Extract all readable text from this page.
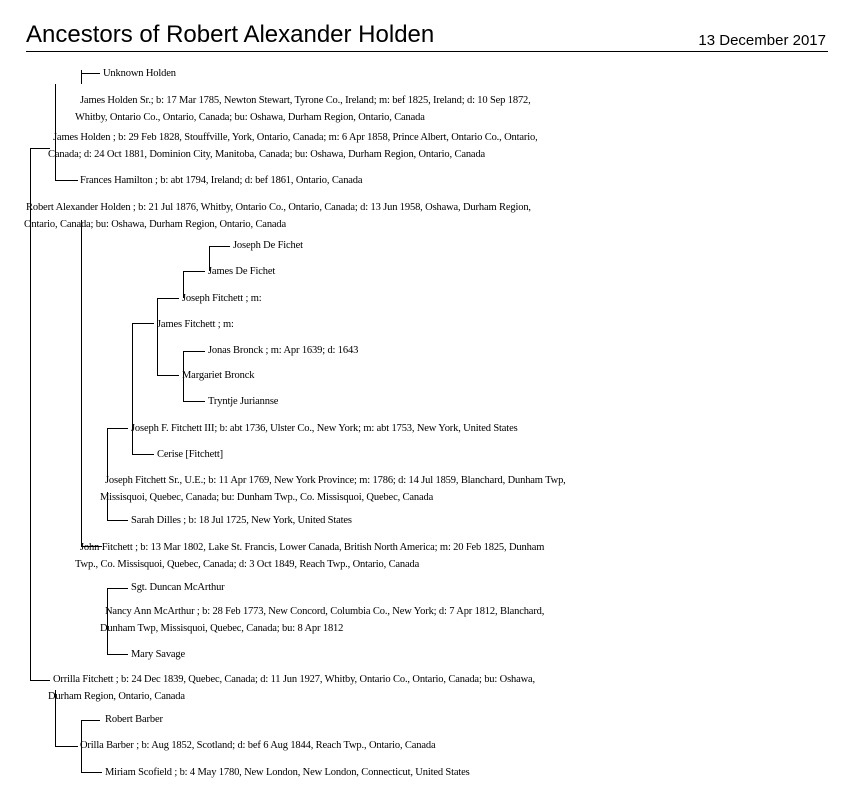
Ancestors of Robert Alexander Holden	13 December 2017
Unknown Holden
James Holden Sr.; b: 17 Mar 1785, Newton Stewart, Tyrone Co., Ireland; m: bef 1825, Ireland; d: 10 Sep 1872,
Whitby, Ontario Co., Ontario, Canada; bu: Oshawa, Durham Region, Ontario, Canada
James Holden ; b: 29 Feb 1828, Stouffville, York, Ontario, Canada; m: 6 Apr 1858, Prince Albert, Ontario Co., Ontario,
Canada; d: 24 Oct 1881, Dominion City, Manitoba, Canada; bu: Oshawa, Durham Region, Ontario, Canada
Frances Hamilton ; b: abt 1794, Ireland; d: bef 1861, Ontario, Canada
Robert Alexander Holden ; b: 21 Jul 1876, Whitby, Ontario Co., Ontario, Canada; d: 13 Jun 1958, Oshawa, Durham Region,
Ontario, Canada; bu: Oshawa, Durham Region, Ontario, Canada
Joseph De Fichet
James De Fichet
Joseph Fitchett ; m:
James Fitchett ; m:
Jonas Bronck ; m: Apr 1639; d: 1643
Margariet Bronck
Tryntje Juriannse
Joseph F. Fitchett III; b: abt 1736, Ulster Co., New York; m: abt 1753, New York, United States
Cerise [Fitchett]
Joseph Fitchett Sr., U.E.; b: 11 Apr 1769, New York Province; m: 1786; d: 14 Jul 1859, Blanchard, Dunham Twp,
Missisquoi, Quebec, Canada; bu: Dunham Twp., Co. Missisquoi, Quebec, Canada
Sarah Dilles ; b: 18 Jul 1725, New York, United States
John Fitchett ; b: 13 Mar 1802, Lake St. Francis, Lower Canada, British North America; m: 20 Feb 1825, Dunham
Twp., Co. Missisquoi, Quebec, Canada; d: 3 Oct 1849, Reach Twp., Ontario, Canada
Sgt. Duncan McArthur
Nancy Ann McArthur ; b: 28 Feb 1773, New Concord, Columbia Co., New York; d: 7 Apr 1812, Blanchard,
Dunham Twp, Missisquoi, Quebec, Canada; bu: 8 Apr 1812
Mary Savage
Orrilla Fitchett ; b: 24 Dec 1839, Quebec, Canada; d: 11 Jun 1927, Whitby, Ontario Co., Ontario, Canada; bu: Oshawa,
Durham Region, Ontario, Canada
Robert Barber
Orilla Barber ; b: Aug 1852, Scotland; d: bef 6 Aug 1844, Reach Twp., Ontario, Canada
Miriam Scofield ; b: 4 May 1780, New London, New London, Connecticut, United States
